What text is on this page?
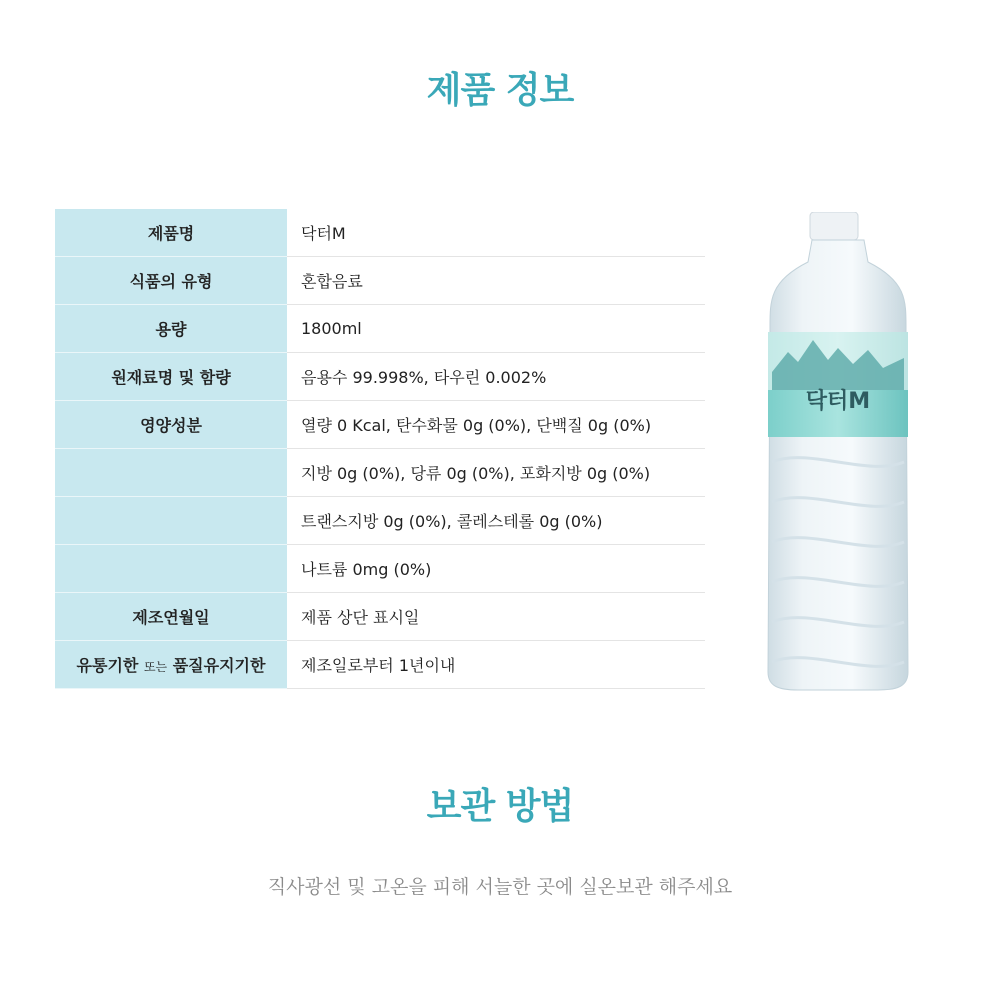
제품 정보
제품명	닥터M
식품의 유형	혼합음료
용량	1800ml
원재료명 및 함량	음용수 99.998%, 타우린 0.002%
영양성분	열량 0 Kcal, 탄수화물 0g (0%), 단백질 0g (0%)
	지방 0g (0%), 당류 0g (0%), 포화지방 0g (0%)
	트랜스지방 0g (0%), 콜레스테롤 0g (0%)
	나트륨 0mg (0%)
제조연월일	제품 상단 표시일
유통기한 또는 품질유지기한	제조일로부터 1년이내
닥터M
보관 방법

직사광선 및 고온을 피해 서늘한 곳에 실온보관 해주세요
